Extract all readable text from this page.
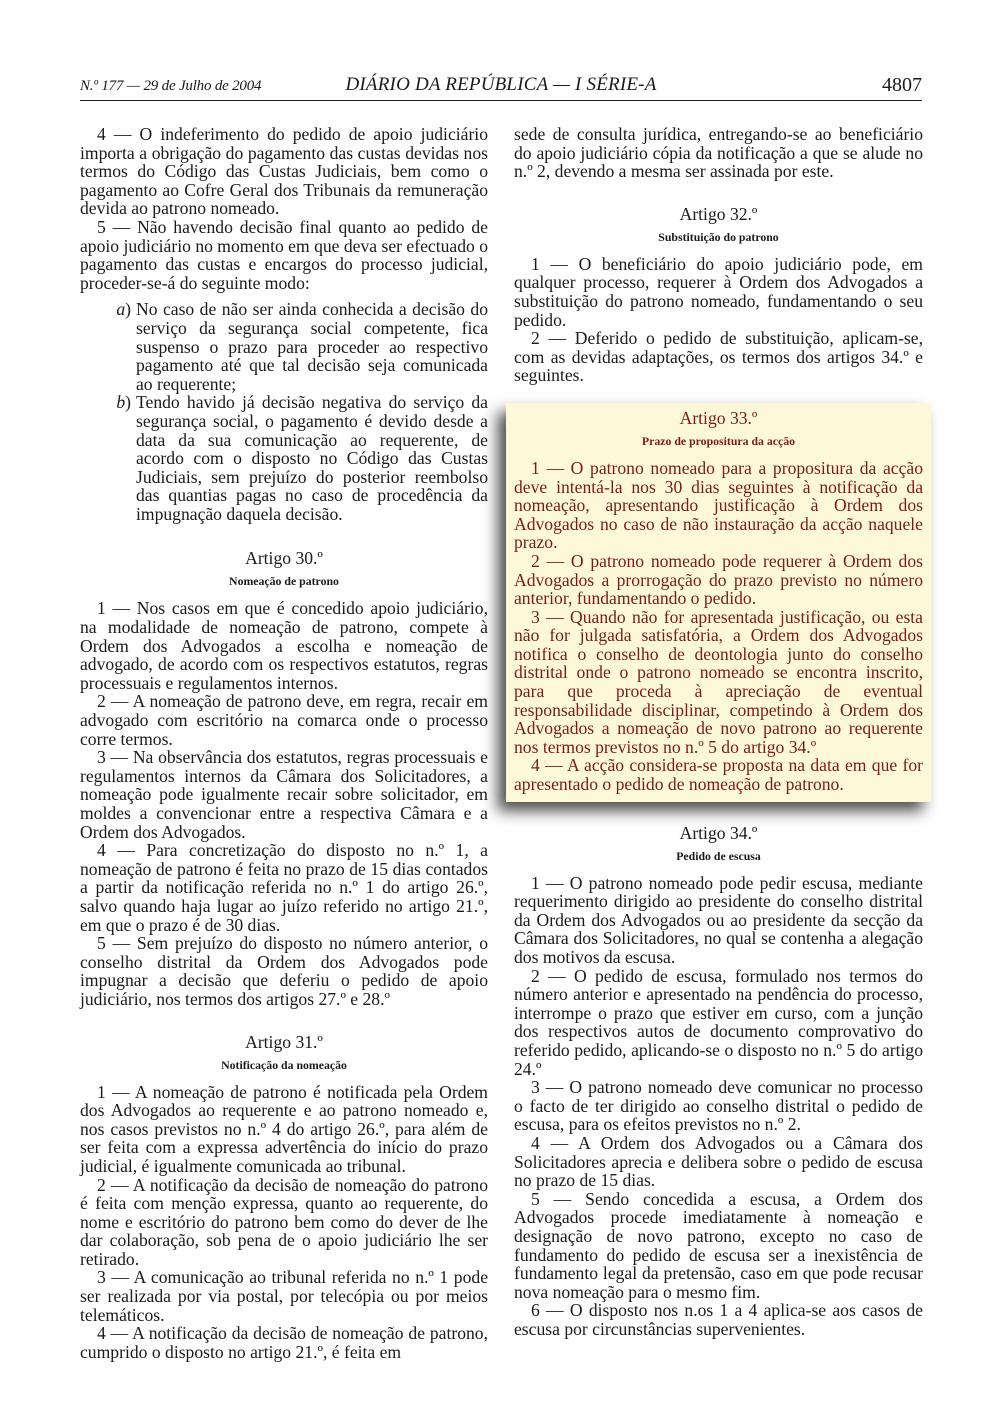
N.º 177 — 29 de Julho de 2004	DIÁRIO DA REPÚBLICA — I SÉRIE-A	4807

4 — O indeferimento do pedido de apoio judiciário importa a obrigação do pagamento das custas devidas nos termos do Código das Custas Judiciais, bem como o pagamento ao Cofre Geral dos Tribunais da remuneração devida ao patrono nomeado.

5 — Não havendo decisão final quanto ao pedido de apoio judiciário no momento em que deva ser efectuado o pagamento das custas e encargos do processo judicial, proceder-se-á do seguinte modo:

a) No caso de não ser ainda conhecida a decisão do serviço da segurança social competente, fica suspenso o prazo para proceder ao respectivo pagamento até que tal decisão seja comunicada ao requerente;
b) Tendo havido já decisão negativa do serviço da segurança social, o pagamento é devido desde a data da sua comunicação ao requerente, de acordo com o disposto no Código das Custas Judiciais, sem prejuízo do posterior reembolso das quantias pagas no caso de procedência da impugnação daquela decisão.
Artigo 30.º
Nomeação de patrono

1 — Nos casos em que é concedido apoio judiciário, na modalidade de nomeação de patrono, compete à Ordem dos Advogados a escolha e nomeação de advogado, de acordo com os respectivos estatutos, regras processuais e regulamentos internos.

2 — A nomeação de patrono deve, em regra, recair em advogado com escritório na comarca onde o processo corre termos.

3 — Na observância dos estatutos, regras processuais e regulamentos internos da Câmara dos Solicitadores, a nomeação pode igualmente recair sobre solicitador, em moldes a convencionar entre a respectiva Câmara e a Ordem dos Advogados.

4 — Para concretização do disposto no n.º 1, a nomeação de patrono é feita no prazo de 15 dias contados a partir da notificação referida no n.º 1 do artigo 26.º, salvo quando haja lugar ao juízo referido no artigo 21.º, em que o prazo é de 30 dias.

5 — Sem prejuízo do disposto no número anterior, o conselho distrital da Ordem dos Advogados pode impugnar a decisão que deferiu o pedido de apoio judiciário, nos termos dos artigos 27.º e 28.º

Artigo 31.º
Notificação da nomeação

1 — A nomeação de patrono é notificada pela Ordem dos Advogados ao requerente e ao patrono nomeado e, nos casos previstos no n.º 4 do artigo 26.º, para além de ser feita com a expressa advertência do início do prazo judicial, é igualmente comunicada ao tribunal.

2 — A notificação da decisão de nomeação do patrono é feita com menção expressa, quanto ao requerente, do nome e escritório do patrono bem como do dever de lhe dar colaboração, sob pena de o apoio judiciário lhe ser retirado.

3 — A comunicação ao tribunal referida no n.º 1 pode ser realizada por via postal, por telecópia ou por meios telemáticos.

4 — A notificação da decisão de nomeação de patrono, cumprido o disposto no artigo 21.º, é feita em

sede de consulta jurídica, entregando-se ao beneficiário do apoio judiciário cópia da notificação a que se alude no n.º 2, devendo a mesma ser assinada por este.

Artigo 32.º
Substituição do patrono

1 — O beneficiário do apoio judiciário pode, em qualquer processo, requerer à Ordem dos Advogados a substituição do patrono nomeado, fundamentando o seu pedido.

2 — Deferido o pedido de substituição, aplicam-se, com as devidas adaptações, os termos dos artigos 34.º e seguintes.

Artigo 33.º
Prazo de propositura da acção

1 — O patrono nomeado para a propositura da acção deve intentá-la nos 30 dias seguintes à notificação da nomeação, apresentando justificação à Ordem dos Advogados no caso de não instauração da acção naquele prazo.

2 — O patrono nomeado pode requerer à Ordem dos Advogados a prorrogação do prazo previsto no número anterior, fundamentando o pedido.

3 — Quando não for apresentada justificação, ou esta não for julgada satisfatória, a Ordem dos Advogados notifica o conselho de deontologia junto do conselho distrital onde o patrono nomeado se encontra inscrito, para que proceda à apreciação de eventual responsabilidade disciplinar, competindo à Ordem dos Advogados a nomeação de novo patrono ao requerente nos termos previstos no n.º 5 do artigo 34.º

4 — A acção considera-se proposta na data em que for apresentado o pedido de nomeação de patrono.

Artigo 34.º
Pedido de escusa

1 — O patrono nomeado pode pedir escusa, mediante requerimento dirigido ao presidente do conselho distrital da Ordem dos Advogados ou ao presidente da secção da Câmara dos Solicitadores, no qual se contenha a alegação dos motivos da escusa.

2 — O pedido de escusa, formulado nos termos do número anterior e apresentado na pendência do processo, interrompe o prazo que estiver em curso, com a junção dos respectivos autos de documento comprovativo do referido pedido, aplicando-se o disposto no n.º 5 do artigo 24.º

3 — O patrono nomeado deve comunicar no processo o facto de ter dirigido ao conselho distrital o pedido de escusa, para os efeitos previstos no n.º 2.

4 — A Ordem dos Advogados ou a Câmara dos Solicitadores aprecia e delibera sobre o pedido de escusa no prazo de 15 dias.

5 — Sendo concedida a escusa, a Ordem dos Advogados procede imediatamente à nomeação e designação de novo patrono, excepto no caso de fundamento do pedido de escusa ser a inexistência de fundamento legal da pretensão, caso em que pode recusar nova nomeação para o mesmo fim.

6 — O disposto nos n.os 1 a 4 aplica-se aos casos de escusa por circunstâncias supervenientes.
